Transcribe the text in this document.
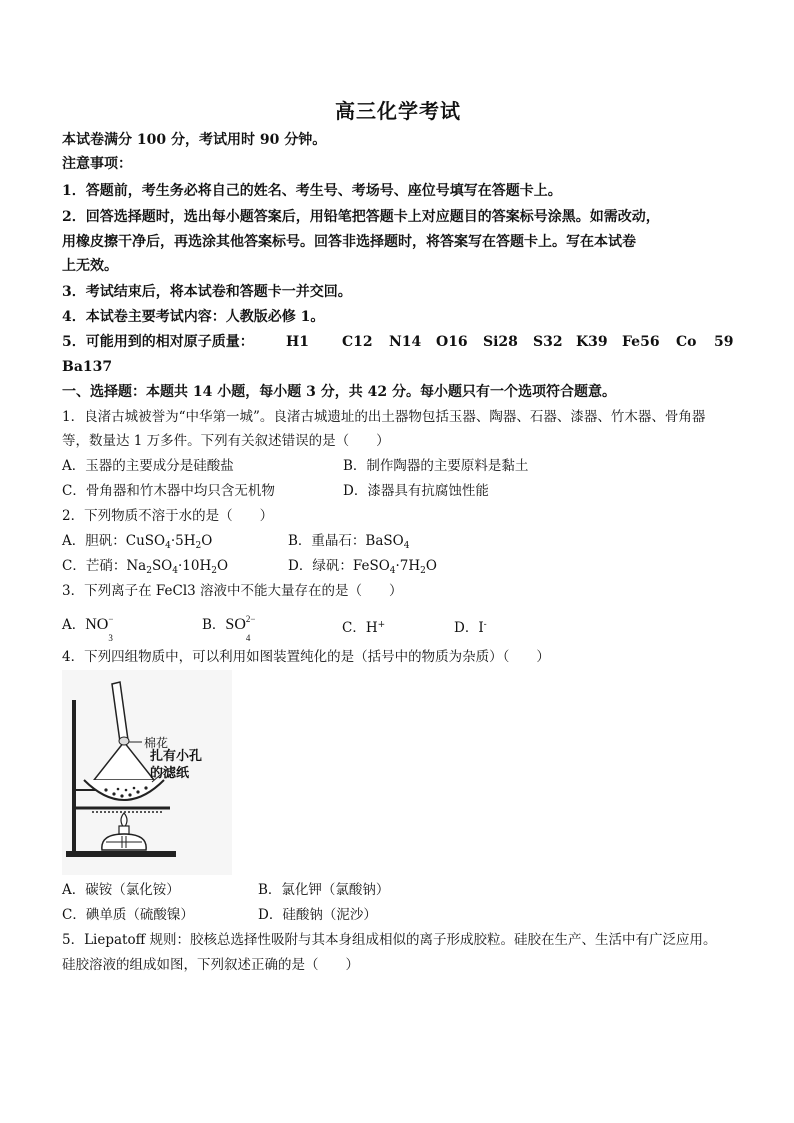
高三化学考试
本试卷满分 100 分，考试用时 90 分钟。
注意事项：
1．答题前，考生务必将自己的姓名、考生号、考场号、座位号填写在答题卡上。
2．回答选择题时，选出每小题答案后，用铅笔把答题卡上对应题目的答案标号涂黑。如需改动，
用橡皮擦干净后，再选涂其他答案标号。回答非选择题时，将答案写在答题卡上。写在本试卷
上无效。
3．考试结束后，将本试卷和答题卡一并交回。
4．本试卷主要考试内容：人教版必修 1。
5．可能用到的相对原子质量： H1 C12 N14 O16 Si28 S32 K39 Fe56 Co 59
Ba137
一、选择题：本题共 14 小题，每小题 3 分，共 42 分。每小题只有一个选项符合题意。
1．良渚古城被誉为“中华第一城”。良渚古城遗址的出土器物包括玉器、陶器、石器、漆器、竹木器、骨角器
等，数量达 1 万多件。下列有关叙述错误的是（　　）
A．玉器的主要成分是硅酸盐	B．制作陶器的主要原料是黏土
C．骨角器和竹木器中均只含无机物	D．漆器具有抗腐蚀性能
2．下列物质不溶于水的是（　　）
A．胆矾：$CuSO_4\cdot 5H_2O$	B．重晶石：BaSO$_4$
C．芒硝：$Na_2SO_4\cdot 10H_2O$	D．绿矾：$FeSO_4\cdot 7H_2O$
3．下列离子在 FeCl3 溶液中不能大量存在的是（　　）
A．NO −
3
B．SO 2−
4
C．H+	D．I-
4．下列四组物质中，可以利用如图装置纯化的是（括号中的物质为杂质）（　　）
棉花
扎有小孔
的滤纸
A．碳铵（氯化铵）	B．氯化钾（氯酸钠）
C．碘单质（硫酸镍）	D．硅酸钠（泥沙）
5．Liepatoff 规则：胶核总选择性吸附与其本身组成相似的离子形成胶粒。硅胶在生产、生活中有广泛应用。
硅胶溶液的组成如图，下列叙述正确的是（　　）
